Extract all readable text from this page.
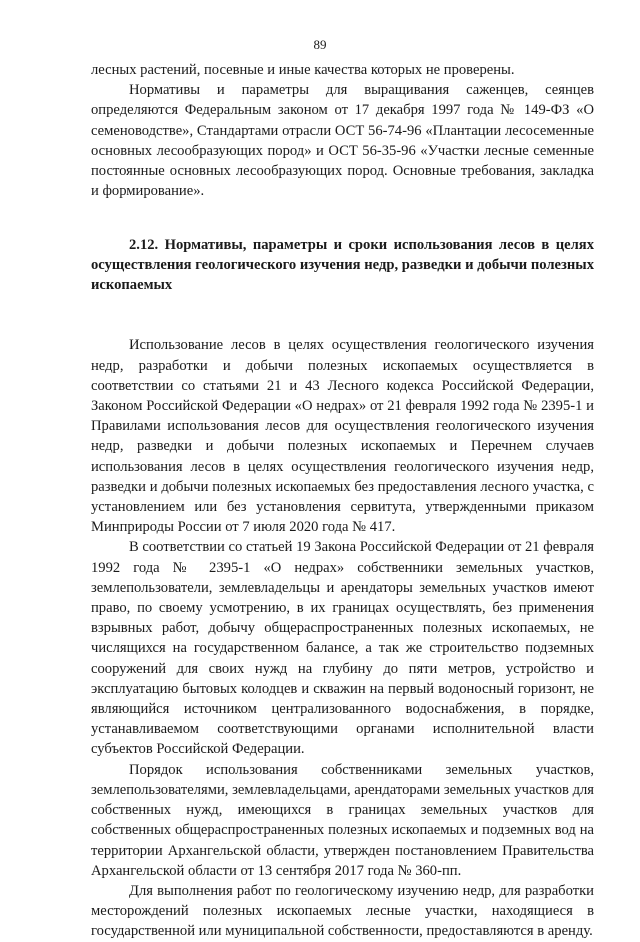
89

лесных растений, посевные и иные качества которых не проверены.

Нормативы и параметры для выращивания саженцев, сеянцев определяются Федеральным законом от 17 декабря 1997 года № 149-ФЗ «О семеноводстве», Стандартами отрасли ОСТ 56-74-96 «Плантации лесосеменные основных лесообразующих пород» и ОСТ 56-35-96 «Участки лесные семенные постоянные основных лесообразующих пород. Основные требования, закладка и формирование».

2.12. Нормативы, параметры и сроки использования лесов в целях осуществления геологического изучения недр, разведки и добычи полезных ископаемых

Использование лесов в целях осуществления геологического изучения недр, разработки и добычи полезных ископаемых осуществляется в соответствии со статьями 21 и 43 Лесного кодекса Российской Федерации, Законом Российской Федерации «О недрах» от 21 февраля 1992 года № 2395-1 и Правилами использования лесов для осуществления геологического изучения недр, разведки и добычи полезных ископаемых и Перечнем случаев использования лесов в целях осуществления геологического изучения недр, разведки и добычи полезных ископаемых без предоставления лесного участка, с установлением или без установления сервитута, утвержденными приказом Минприроды России от 7 июля 2020 года № 417.

В соответствии со статьей 19 Закона Российской Федерации от 21 февраля 1992 года № 2395-1 «О недрах» собственники земельных участков, землепользователи, землевладельцы и арендаторы земельных участков имеют право, по своему усмотрению, в их границах осуществлять, без применения взрывных работ, добычу общераспространенных полезных ископаемых, не числящихся на государственном балансе, а так же строительство подземных сооружений для своих нужд на глубину до пяти метров, устройство и эксплуатацию бытовых колодцев и скважин на первый водоносный горизонт, не являющийся источником централизованного водоснабжения, в порядке, устанавливаемом соответствующими органами исполнительной власти субъектов Российской Федерации.

Порядок использования собственниками земельных участков, землепользователями, землевладельцами, арендаторами земельных участков для собственных нужд, имеющихся в границах земельных участков для собственных общераспространенных полезных ископаемых и подземных вод на территории Архангельской области, утвержден постановлением Правительства Архангельской области от 13 сентября 2017 года № 360-пп.

Для выполнения работ по геологическому изучению недр, для разработки месторождений полезных ископаемых лесные участки, находящиеся в государственной или муниципальной собственности, предоставляются в аренду.
